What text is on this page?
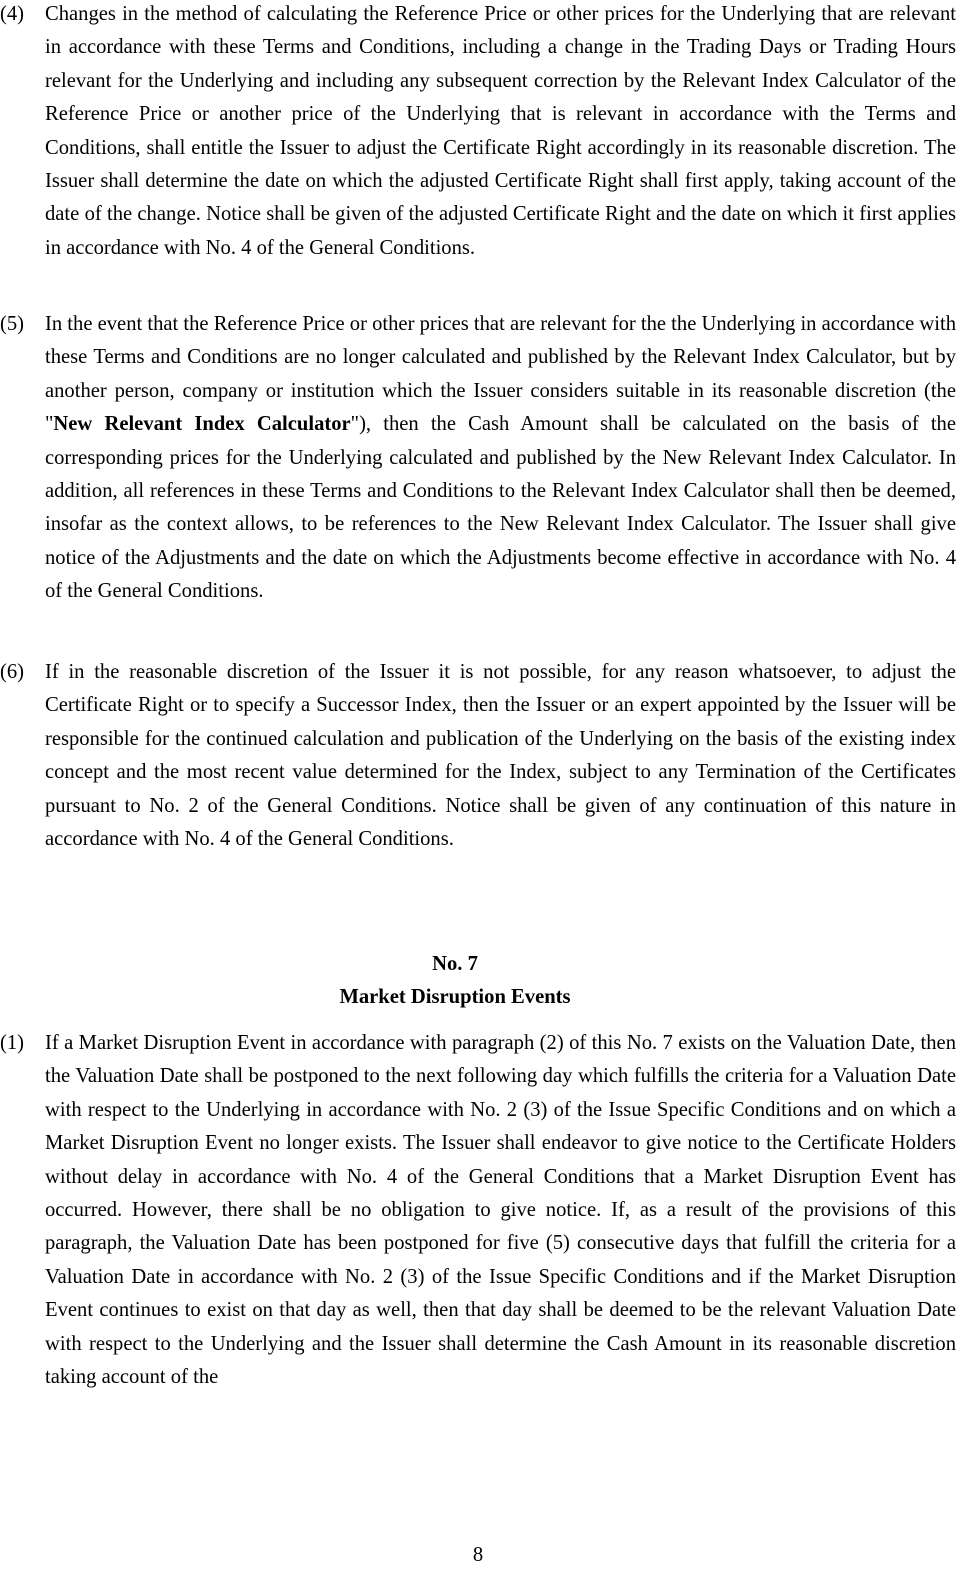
(4)	Changes in the method of calculating the Reference Price or other prices for the Underlying that are relevant in accordance with these Terms and Conditions, including a change in the Trading Days or Trading Hours relevant for the Underlying and including any subsequent correction by the Relevant Index Calculator of the Reference Price or another price of the Underlying that is relevant in accordance with the Terms and Conditions, shall entitle the Issuer to adjust the Certificate Right accordingly in its reasonable discretion. The Issuer shall determine the date on which the adjusted Certificate Right shall first apply, taking account of the date of the change. Notice shall be given of the adjusted Certificate Right and the date on which it first applies in accordance with No. 4 of the General Conditions.

(5)	In the event that the Reference Price or other prices that are relevant for the the Underlying in accordance with these Terms and Conditions are no longer calculated and published by the Relevant Index Calculator, but by another person, company or institution which the Issuer considers suitable in its reasonable discretion (the "New Relevant Index Calculator"), then the Cash Amount shall be calculated on the basis of the corresponding prices for the Underlying calculated and published by the New Relevant Index Calculator. In addition, all references in these Terms and Conditions to the Relevant Index Calculator shall then be deemed, insofar as the context allows, to be references to the New Relevant Index Calculator. The Issuer shall give notice of the Adjustments and the date on which the Adjustments become effective in accordance with No. 4 of the General Conditions.

(6)	If in the reasonable discretion of the Issuer it is not possible, for any reason whatsoever, to adjust the Certificate Right or to specify a Successor Index, then the Issuer or an expert appointed by the Issuer will be responsible for the continued calculation and publication of the Underlying on the basis of the existing index concept and the most recent value determined for the Index, subject to any Termination of the Certificates pursuant to No. 2 of the General Conditions. Notice shall be given of any continuation of this nature in accordance with No. 4 of the General Conditions.

No. 7
Market Disruption Events
(1)	If a Market Disruption Event in accordance with paragraph (2) of this No. 7 exists on the Valuation Date, then the Valuation Date shall be postponed to the next following day which fulfills the criteria for a Valuation Date with respect to the Underlying in accordance with No. 2 (3) of the Issue Specific Conditions and on which a Market Disruption Event no longer exists. The Issuer shall endeavor to give notice to the Certificate Holders without delay in accordance with No. 4 of the General Conditions that a Market Disruption Event has occurred. However, there shall be no obligation to give notice. If, as a result of the provisions of this paragraph, the Valuation Date has been postponed for five (5) consecutive days that fulfill the criteria for a Valuation Date in accordance with No. 2 (3) of the Issue Specific Conditions and if the Market Disruption Event continues to exist on that day as well, then that day shall be deemed to be the relevant Valuation Date with respect to the Underlying and the Issuer shall determine the Cash Amount in its reasonable discretion taking account of the

8
